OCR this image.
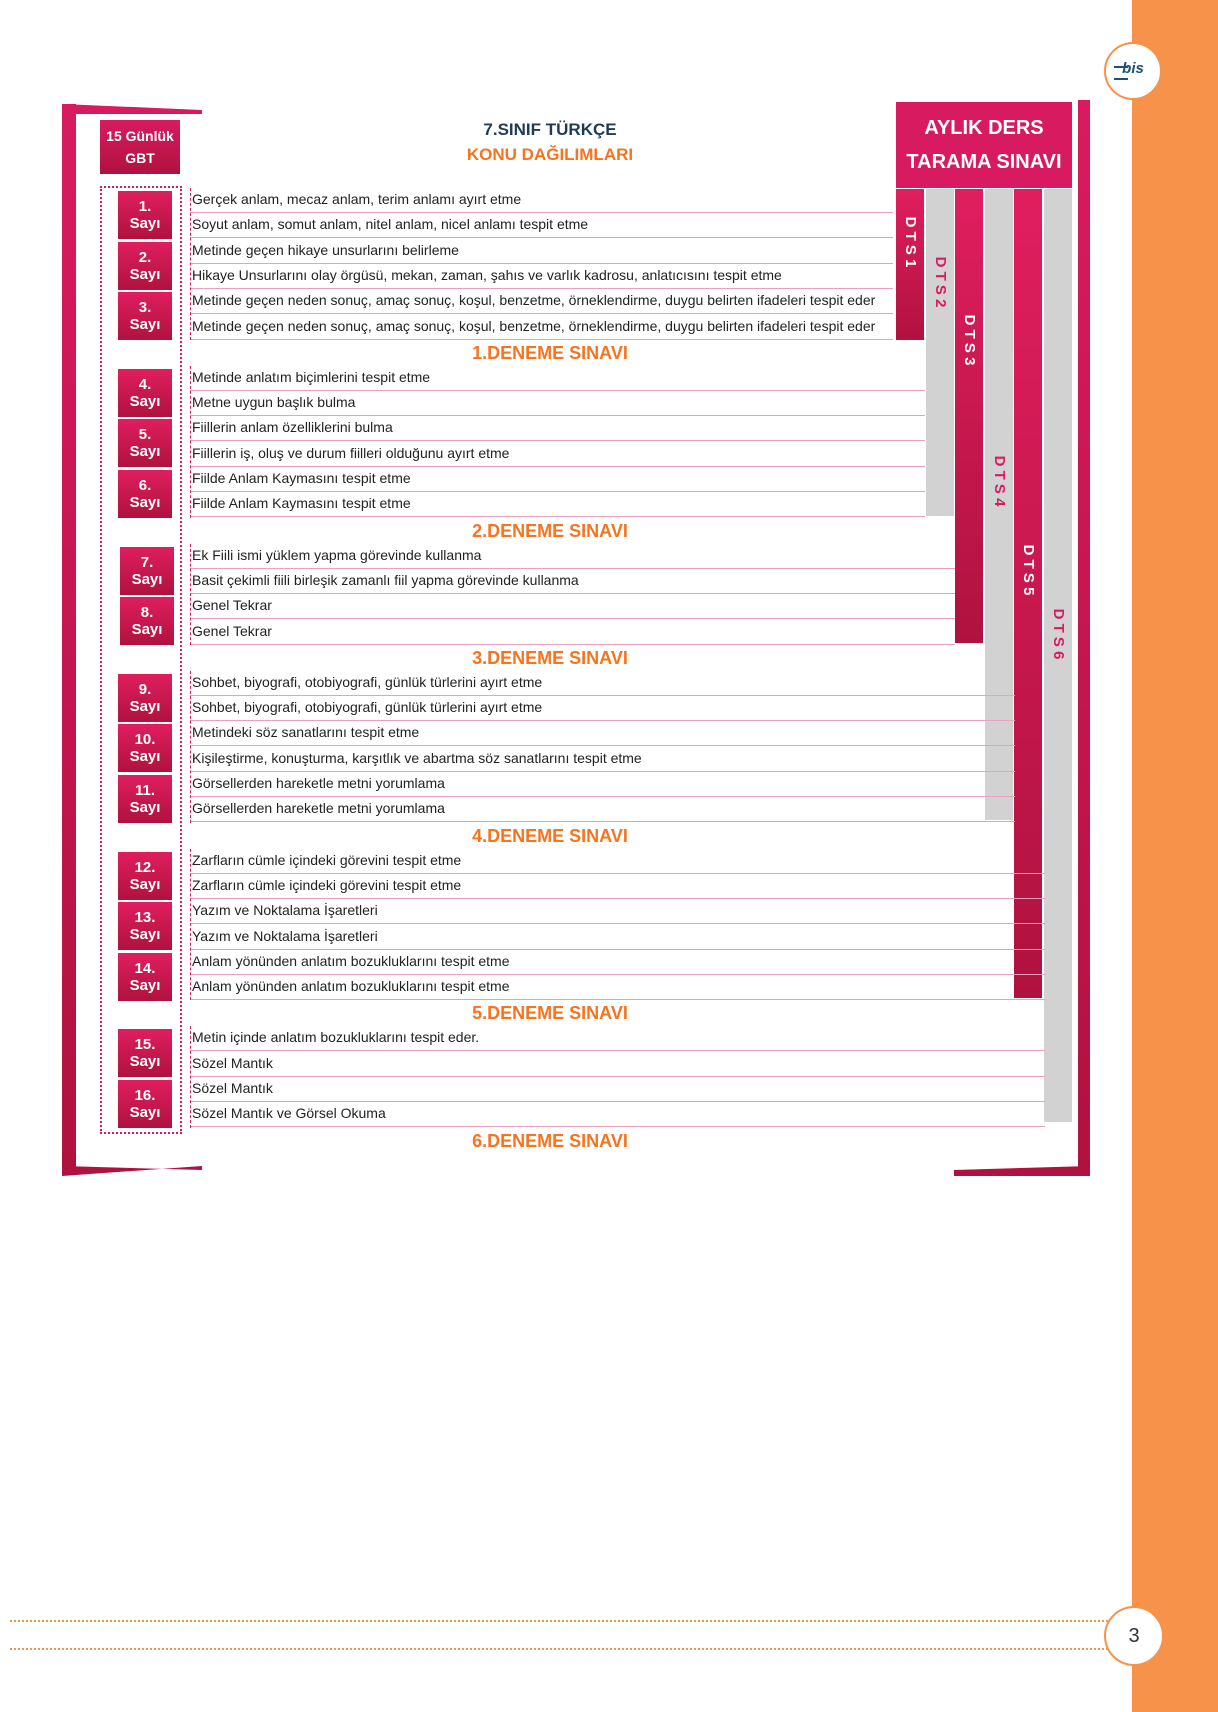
bis
15 Günlük
GBT
1.
Sayı
2.
Sayı
3.
Sayı
4.
Sayı
5.
Sayı
6.
Sayı
7.
Sayı
8.
Sayı
9.
Sayı
10.
Sayı
11.
Sayı
12.
Sayı
13.
Sayı
14.
Sayı
15.
Sayı
16.
Sayı
7.SINIF TÜRKÇE
KONU DAĞILIMLARI
AYLIK DERS
TARAMA SINAVI
D T S 1
D T S 2
D T S 3
D T S 4
D T S 5
D T S 6
Gerçek anlam, mecaz anlam, terim anlamı ayırt etme
Soyut anlam, somut anlam, nitel anlam, nicel anlamı tespit etme
Metinde geçen hikaye unsurlarını belirleme
Hikaye Unsurlarını olay örgüsü, mekan, zaman, şahıs ve varlık kadrosu, anlatıcısını tespit etme
Metinde geçen neden sonuç, amaç sonuç, koşul, benzetme, örneklendirme, duygu belirten ifadeleri tespit eder
Metinde geçen neden sonuç, amaç sonuç, koşul, benzetme, örneklendirme, duygu belirten ifadeleri tespit eder
1.DENEME SINAVI
Metinde anlatım biçimlerini tespit etme
Metne uygun başlık bulma
Fiillerin anlam özelliklerini bulma
Fiillerin iş, oluş ve durum fiilleri olduğunu ayırt etme
Fiilde Anlam Kaymasını tespit etme
Fiilde Anlam Kaymasını tespit etme
2.DENEME SINAVI
Ek Fiili ismi yüklem yapma görevinde kullanma
Basit çekimli fiili birleşik zamanlı fiil yapma görevinde kullanma
Genel Tekrar
Genel Tekrar
3.DENEME SINAVI
Sohbet, biyografi, otobiyografi, günlük türlerini ayırt etme
Sohbet, biyografi, otobiyografi, günlük türlerini ayırt etme
Metindeki söz sanatlarını tespit etme
Kişileştirme, konuşturma, karşıtlık ve abartma söz sanatlarını tespit etme
Görsellerden hareketle metni yorumlama
Görsellerden hareketle metni yorumlama
4.DENEME SINAVI
Zarfların cümle içindeki görevini tespit etme
Zarfların cümle içindeki görevini tespit etme
Yazım ve Noktalama İşaretleri
Yazım ve Noktalama İşaretleri
Anlam yönünden anlatım bozukluklarını tespit etme
Anlam yönünden anlatım bozukluklarını tespit etme
5.DENEME SINAVI
Metin içinde anlatım bozukluklarını tespit eder.
Sözel Mantık
Sözel Mantık
Sözel Mantık ve Görsel Okuma
6.DENEME SINAVI
3
